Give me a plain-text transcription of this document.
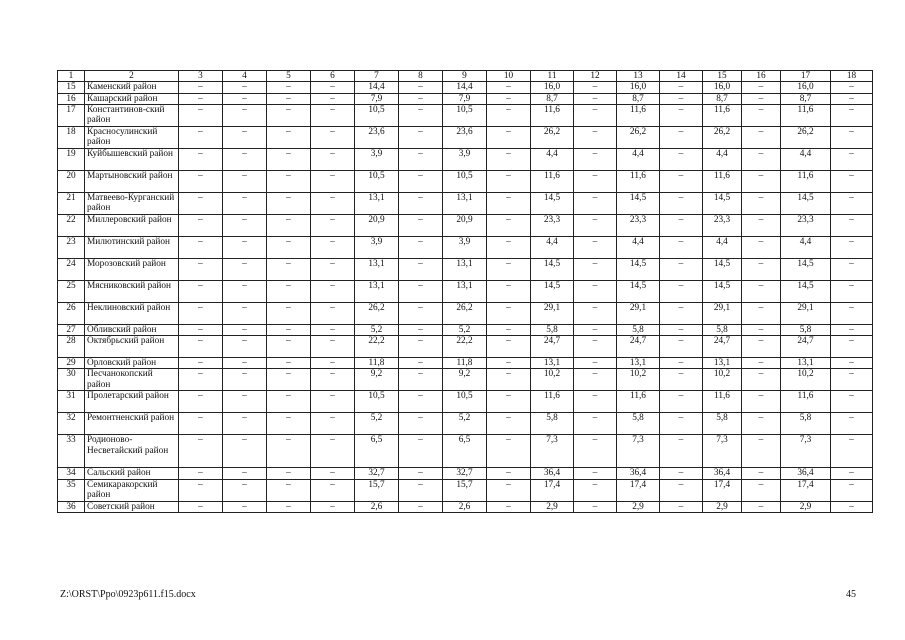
1	2	3	4	5	6	7	8	9	10	11	12	13	14	15	16	17	18
15	Каменский район	–	–	–	–	14,4	–	14,4	–	16,0	–	16,0	–	16,0	–	16,0	–
16	Кашарский район	–	–	–	–	7,9	–	7,9	–	8,7	–	8,7	–	8,7	–	8,7	–
17	Константинов-ский район	–	–	–	–	10,5	–	10,5	–	11,6	–	11,6	–	11,6	–	11,6	–
18	Красносулинский район	–	–	–	–	23,6	–	23,6	–	26,2	–	26,2	–	26,2	–	26,2	–
19	Куйбышевский район	–	–	–	–	3,9	–	3,9	–	4,4	–	4,4	–	4,4	–	4,4	–
20	Мартыновский район	–	–	–	–	10,5	–	10,5	–	11,6	–	11,6	–	11,6	–	11,6	–
21	Матвеево-Курганский район	–	–	–	–	13,1	–	13,1	–	14,5	–	14,5	–	14,5	–	14,5	–
22	Миллеровский район	–	–	–	–	20,9	–	20,9	–	23,3	–	23,3	–	23,3	–	23,3	–
23	Милютинский район	–	–	–	–	3,9	–	3,9	–	4,4	–	4,4	–	4,4	–	4,4	–
24	Морозовский район	–	–	–	–	13,1	–	13,1	–	14,5	–	14,5	–	14,5	–	14,5	–
25	Мясниковский район	–	–	–	–	13,1	–	13,1	–	14,5	–	14,5	–	14,5	–	14,5	–
26	Неклиновский район	–	–	–	–	26,2	–	26,2	–	29,1	–	29,1	–	29,1	–	29,1	–
27	Обливский район	–	–	–	–	5,2	–	5,2	–	5,8	–	5,8	–	5,8	–	5,8	–
28	Октябрьский район	–	–	–	–	22,2	–	22,2	–	24,7	–	24,7	–	24,7	–	24,7	–
29	Орловский район	–	–	–	–	11,8	–	11,8	–	13,1	–	13,1	–	13,1	–	13,1	–
30	Песчанокопский район	–	–	–	–	9,2	–	9,2	–	10,2	–	10,2	–	10,2	–	10,2	–
31	Пролетарский район	–	–	–	–	10,5	–	10,5	–	11,6	–	11,6	–	11,6	–	11,6	–
32	Ремонтненский район	–	–	–	–	5,2	–	5,2	–	5,8	–	5,8	–	5,8	–	5,8	–
33	Родионово-Несветайский район	–	–	–	–	6,5	–	6,5	–	7,3	–	7,3	–	7,3	–	7,3	–
34	Сальский район	–	–	–	–	32,7	–	32,7	–	36,4	–	36,4	–	36,4	–	36,4	–
35	Семикаракорский район	–	–	–	–	15,7	–	15,7	–	17,4	–	17,4	–	17,4	–	17,4	–
36	Советский район	–	–	–	–	2,6	–	2,6	–	2,9	–	2,9	–	2,9	–	2,9	–
Z:\ORST\Ppo\0923p611.f15.docx	45
